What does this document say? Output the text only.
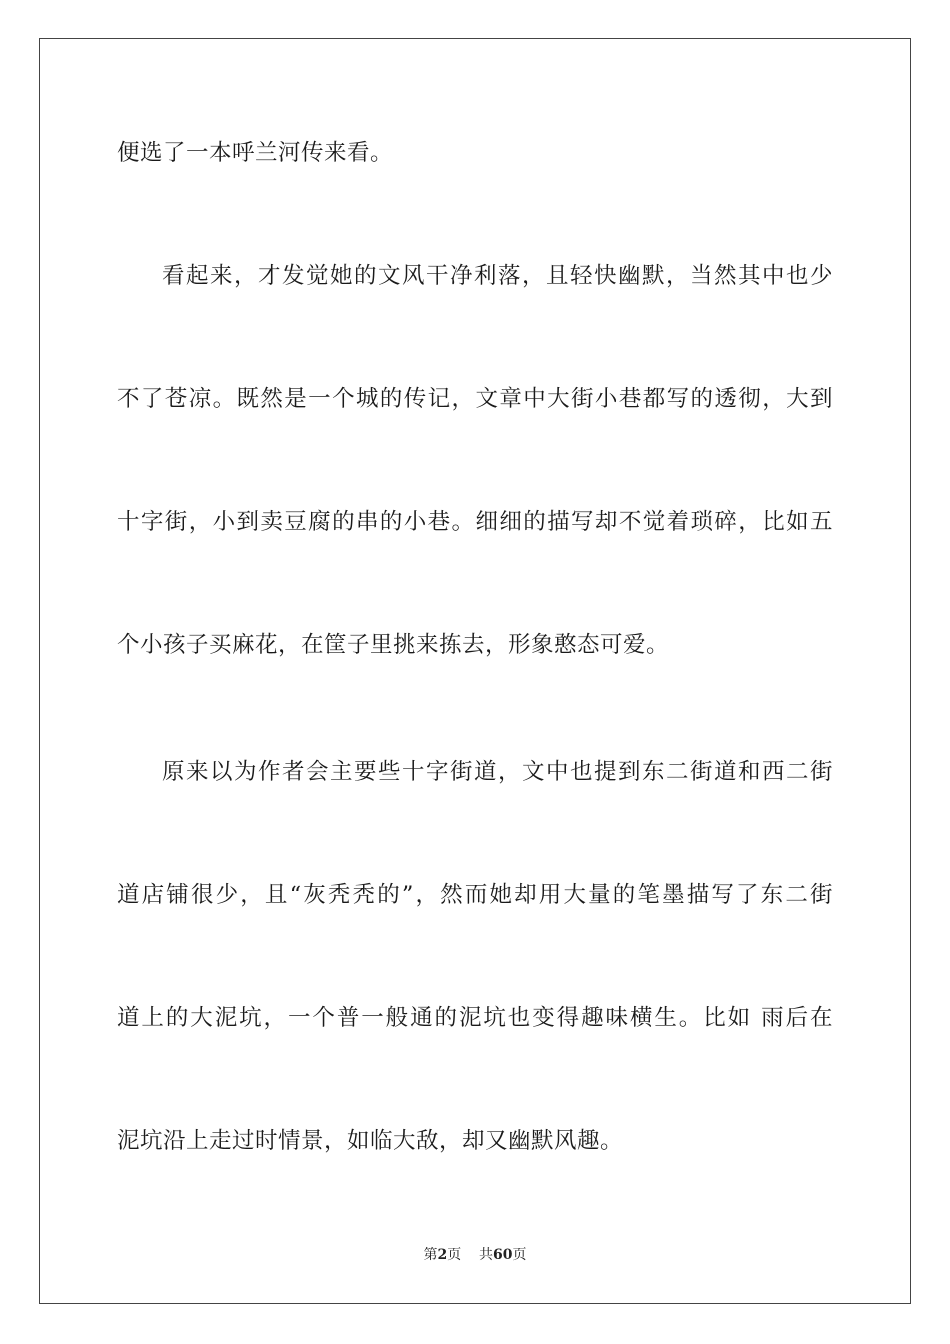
便选了一本呼兰河传来看。
看起来，才发觉她的文风干净利落，且轻快幽默，当然其中也少
不了苍凉。既然是一个城的传记，文章中大街小巷都写的透彻，大到
十字街，小到卖豆腐的串的小巷。细细的描写却不觉着琐碎，比如五
个小孩子买麻花，在筐子里挑来拣去，形象憨态可爱。
原来以为作者会主要些十字街道，文中也提到东二街道和西二街
道店铺很少，且“灰秃秃的”，然而她却用大量的笔墨描写了东二街
道上的大泥坑，一个普一般通的泥坑也变得趣味横生。比如 雨后在
泥坑沿上走过时情景，如临大敌，却又幽默风趣。
第2页 共60页
